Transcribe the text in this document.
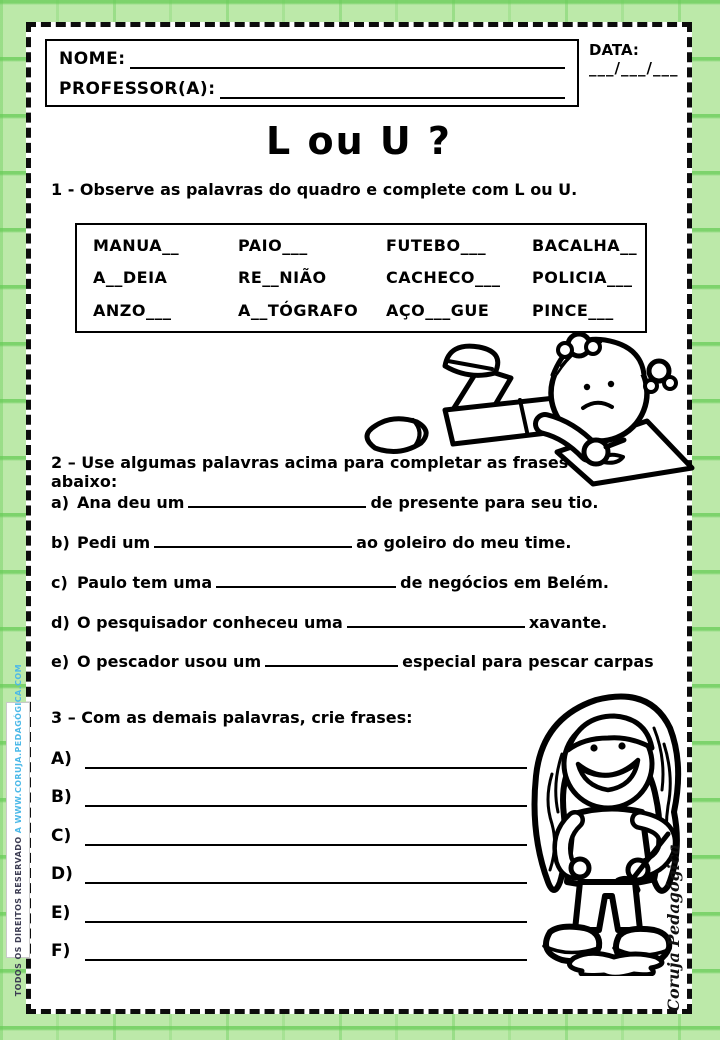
NOME:
PROFESSOR(A):
DATA:
___/___/___
L ou U ?
1 - Observe as palavras do quadro e complete com L ou U.
MANUA__	PAIO___	FUTEBO___	BACALHA__
A__DEIA	RE__NIÃO	CACHECO___	POLICIA___
ANZO___	A__TÓGRAFO	AÇO___GUE	PINCE___
2 – Use algumas palavras acima para completar as frases abaixo:
a) Ana deu um	de presente para seu tio.
b) Pedi um	ao goleiro do meu time.
c) Paulo tem uma	de negócios em Belém.
d) O pesquisador conheceu uma	xavante.
e) O pescador usou um	especial para pescar carpas
3 – Com as demais palavras, crie frases:
A)
B)
C)
D)
E)
F)
TODOS OS DIREITOS RESERVADO A WWW.CORUJA.PEDAGÓGICA.COM
Coruja Pedagógica
